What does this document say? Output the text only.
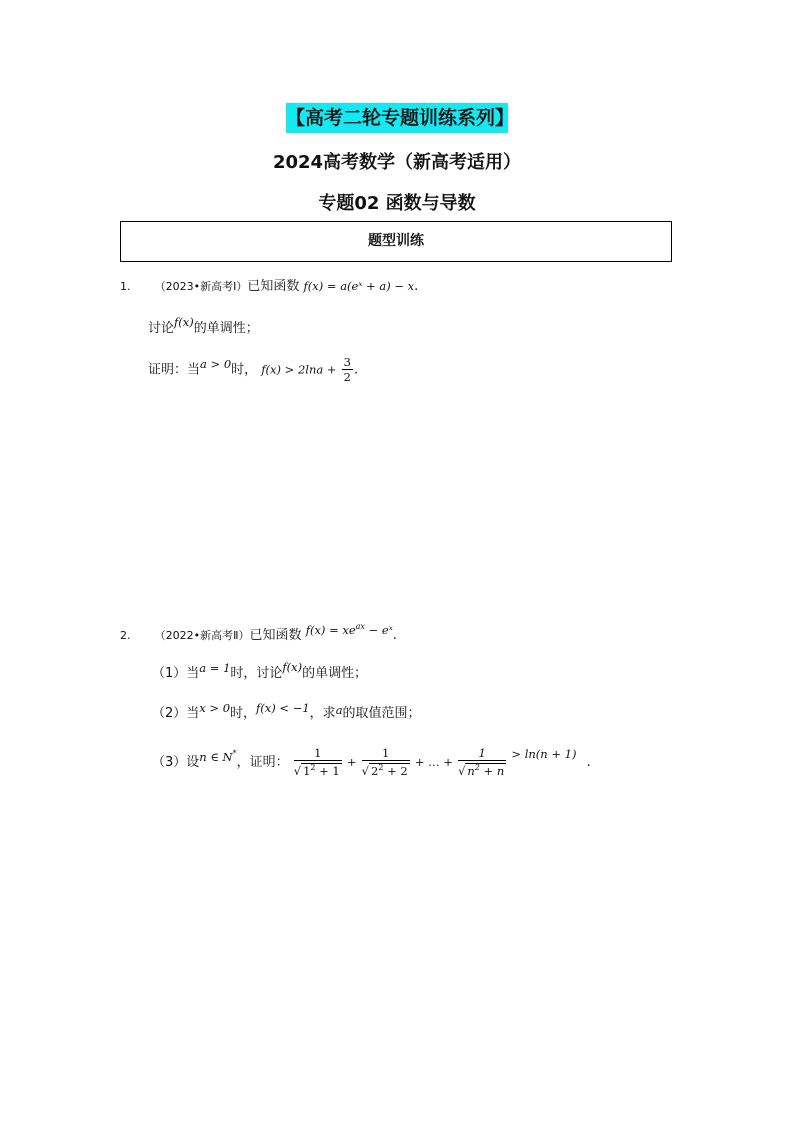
【高考二轮专题训练系列】
2024高考数学（新高考适用）
专题02 函数与导数
题型训练
1. （2023•新高考Ⅰ）已知函数 f(x) = a(eˣ + a) − x.
讨论f(x)的单调性；
证明：当a > 0时， $f(x) > 2\ln a + \frac{3}{2}$ .
2. （2022•新高考Ⅱ）已知函数 $f(x) = xe^{ax}$ − eˣ.
（1）当a = 1时，讨论f(x)的单调性；
（2）当x > 0时，f(x) < −1，求a的取值范围；
（3）设n ∈ N*，证明： $\frac{1}{√ 1^2 + 1} + \frac{1}{√ 2^2 + 2}$ + … + $\frac{1}{√ n^2 + n} > \ln(n + 1)$ .
